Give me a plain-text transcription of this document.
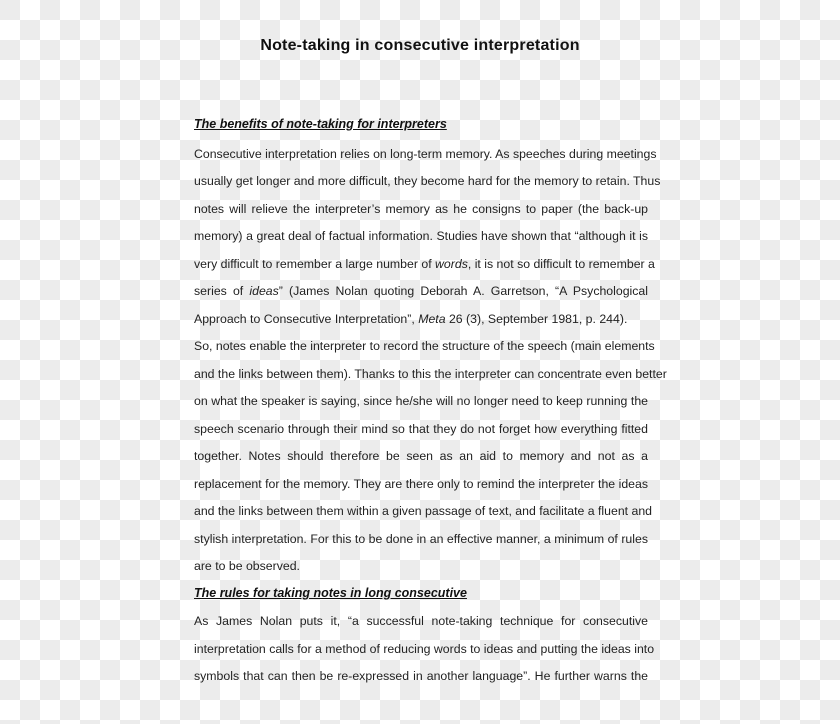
Note-taking in consecutive interpretation
The benefits of note-taking for interpreters
Consecutive interpretation relies on long-term memory. As speeches during meetings
usually get longer and more difficult, they become hard for the memory to retain. Thus
notes will relieve the interpreter’s memory as he consigns to paper (the back-up
memory) a great deal of factual information. Studies have shown that “although it is
very difficult to remember a large number of words, it is not so difficult to remember a
series of ideas” (James Nolan quoting Deborah A. Garretson, “A Psychological
Approach to Consecutive Interpretation”, Meta 26 (3), September 1981, p. 244).
So, notes enable the interpreter to record the structure of the speech (main elements
and the links between them). Thanks to this the interpreter can concentrate even better
on what the speaker is saying, since he/she will no longer need to keep running the
speech scenario through their mind so that they do not forget how everything fitted
together. Notes should therefore be seen as an aid to memory and not as a
replacement for the memory. They are there only to remind the interpreter the ideas
and the links between them within a given passage of text, and facilitate a fluent and
stylish interpretation. For this to be done in an effective manner, a minimum of rules
are to be observed.
The rules for taking notes in long consecutive
As James Nolan puts it, “a successful note-taking technique for consecutive
interpretation calls for a method of reducing words to ideas and putting the ideas into
symbols that can then be re-expressed in another language”. He further warns the
